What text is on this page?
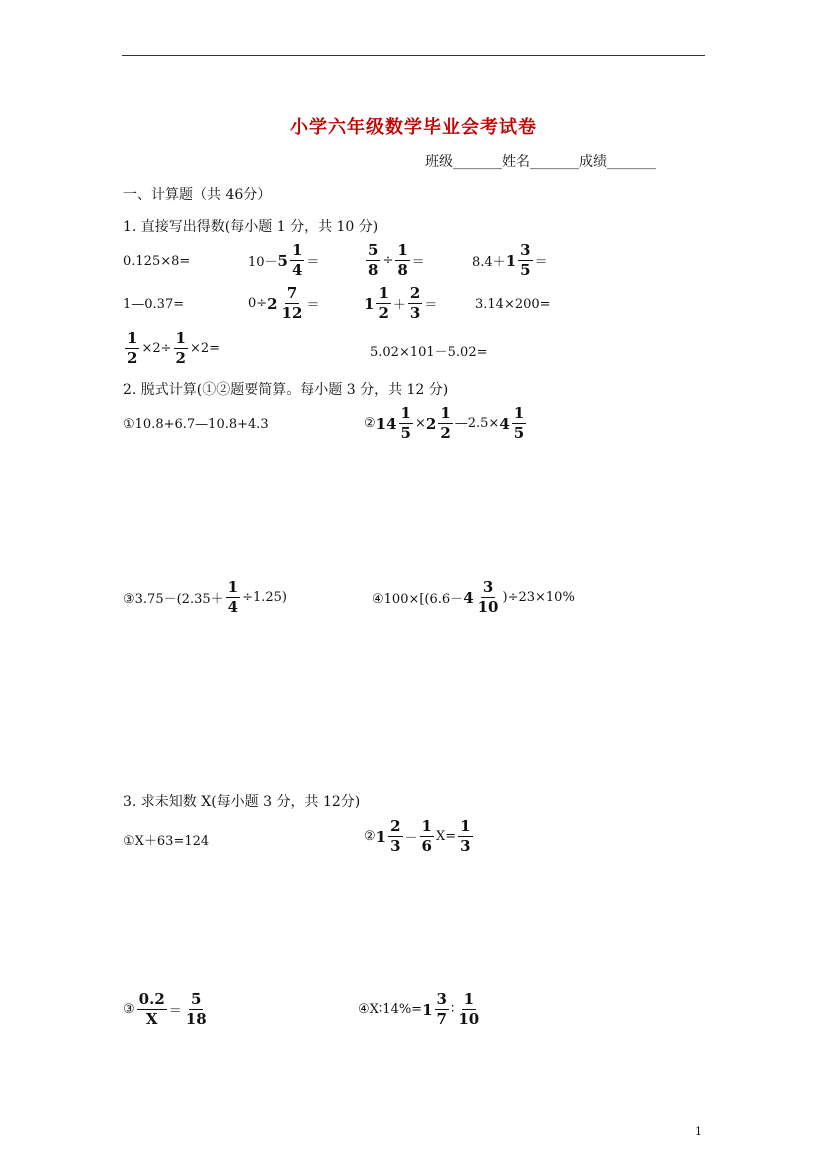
小学六年级数学毕业会考试卷
班级_______姓名_______成绩_______
一、计算题（共 46分）
1. 直接写出得数(每小题 1 分，共 10 分)
0.125×8=	$10- 5 \frac{1}{4}$ ＝	$\frac{5}{8} \div \frac{1}{8}$ ＝	$8.4+ 1 \frac{3}{5}$ ＝
1—0.37=	$0\div 2 \frac{7}{12}$ ＝	$1 \frac{1}{2} + \frac{2}{3}$ ＝	3.14×200=
$\frac{1}{2} \times 2\div \frac{1}{2} \times 2=$	5.02×101－5.02=
2. 脱式计算(①②题要简算。每小题 3 分，共 12 分)
①10.8+6.7—10.8+4.3	② $14 \frac{1}{5} \times 2 \frac{1}{2}$ —2.5× $4 \frac{1}{5}$
③3.75－(2.35＋ $\frac{1}{4} \div 1.25$)	④100×[(6.6－ $4 \frac{3}{10} )\div 23\times 10\%$
3. 求未知数 X(每小题 3 分，共 12分)
①X＋63=124	② $1 \frac{2}{3} - \frac{1}{6} X= \frac{1}{3}$
③ $\frac{0.2}{X} = \frac{5}{18}$	④X∶14%= $1 \frac{3}{7}$ ∶ $\frac{1}{10}$
1
